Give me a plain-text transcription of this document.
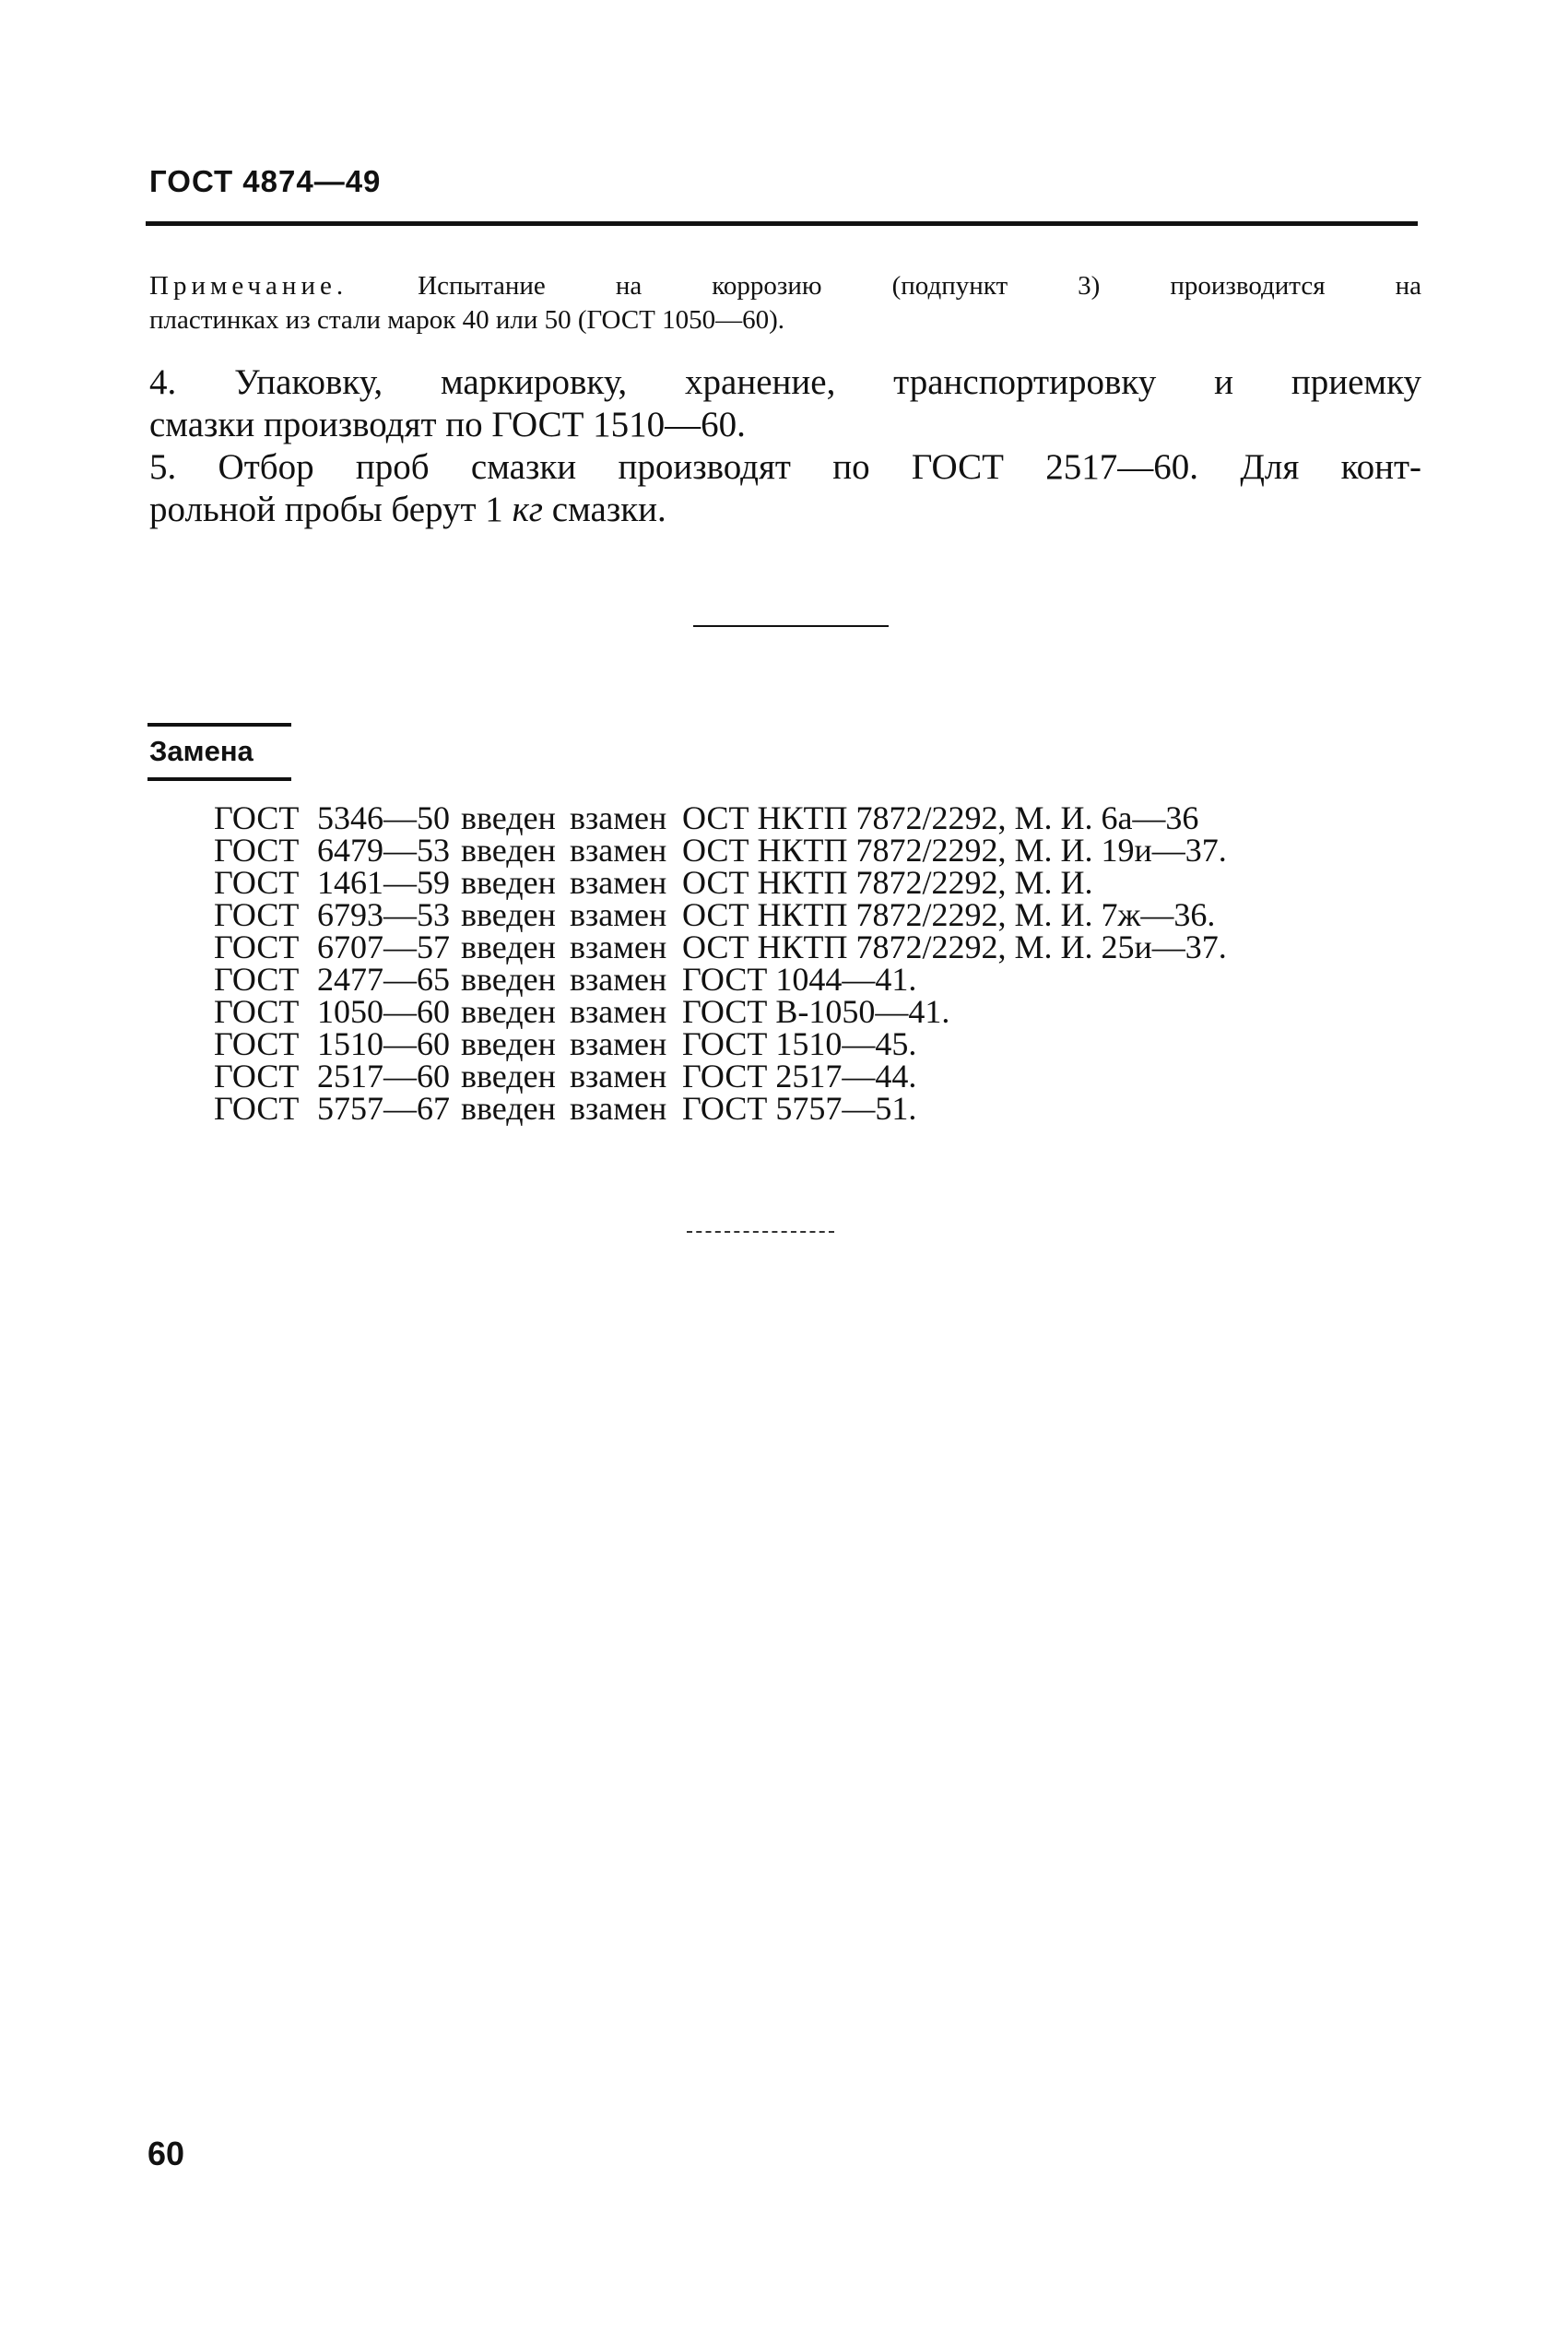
ГОСТ 4874—49

Примечание.	Испытание на коррозию (подпункт 3) производится на
пластинках из стали марок 40 или 50 (ГОСТ 1050—60).

4. Упаковку, маркировку, хранение, транспортировку и приемку
смазки производят по ГОСТ 1510—60.

5. Отбор проб смазки производят по ГОСТ 2517—60. Для конт-
рольной пробы берут 1 кг смазки.

Замена
ГОСТ 5346—50 введен взамен ОСТ НКТП 7872/2292, М. И. 6а—36
ГОСТ 6479—53 введен взамен ОСТ НКТП 7872/2292, М. И. 19и—37.
ГОСТ 1461—59 введен взамен ОСТ НКТП 7872/2292, М. И.
ГОСТ 6793—53 введен взамен ОСТ НКТП 7872/2292, М. И. 7ж—36.
ГОСТ 6707—57 введен взамен ОСТ НКТП 7872/2292, М. И. 25и—37.
ГОСТ 2477—65 введен взамен ГОСТ 1044—41.
ГОСТ 1050—60 введен взамен ГОСТ В-1050—41.
ГОСТ 1510—60 введен взамен ГОСТ 1510—45.
ГОСТ 2517—60 введен взамен ГОСТ 2517—44.
ГОСТ 5757—67 введен взамен ГОСТ 5757—51.
60
